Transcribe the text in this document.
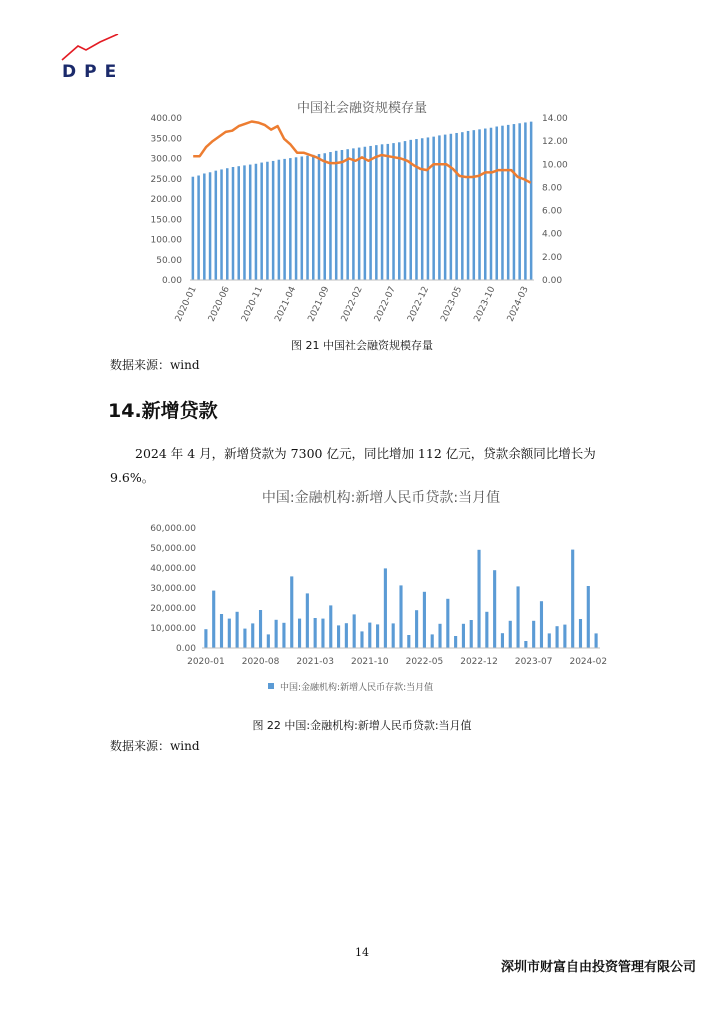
DPE
中国社会融资规模存量
0.00
50.00
100.00
150.00
200.00
250.00
300.00
350.00
400.00
0.00
2.00
4.00
6.00
8.00
10.00
12.00
14.00
2020-01 2020-06 2020-11 2021-04 2021-09 2022-02 2022-07 2022-12 2023-05 2023-10 2024-03
图 21 中国社会融资规模存量
数据来源：wind
14.新增贷款
2024 年 4 月，新增贷款为 7300 亿元，同比增加 112 亿元，贷款余额同比增长为 9.6%。
中国:金融机构:新增人民币贷款:当月值
0.00
10,000.00
20,000.00
30,000.00
40,000.00
50,000.00
60,000.00
2020-01 2020-08 2021-03 2021-10 2022-05 2022-12 2023-07 2024-02
中国:金融机构:新增人民币存款:当月值
图 22 中国:金融机构:新增人民币贷款:当月值
数据来源：wind
14
深圳市财富自由投资管理有限公司
